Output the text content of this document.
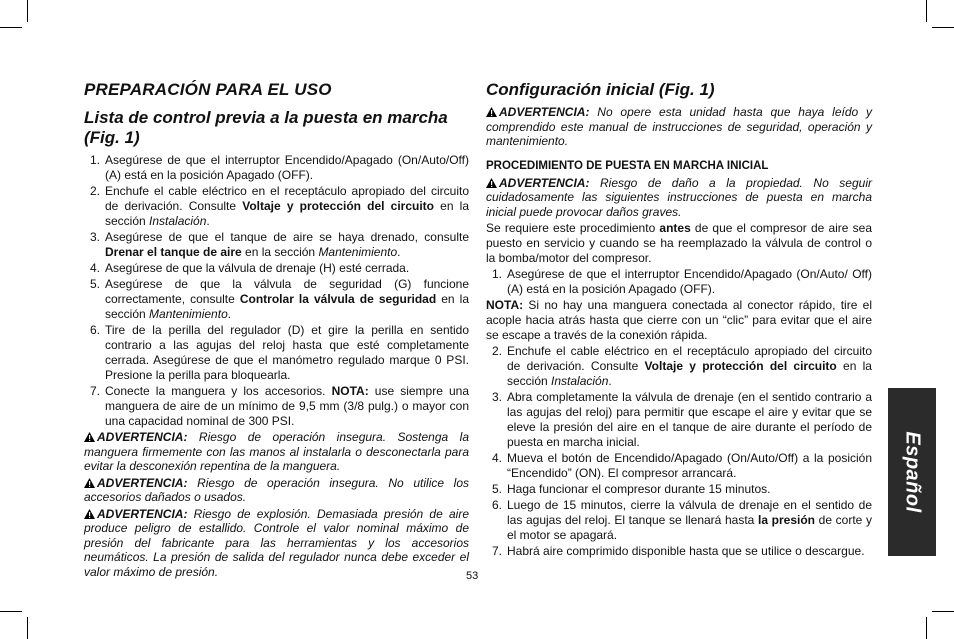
PREPARACIÓN PARA EL USO
Lista de control previa a la puesta en marcha (Fig. 1)
1. Asegúrese de que el interruptor Encendido/Apagado (On/Auto/Off) (A) está en la posición Apagado (OFF).
2. Enchufe el cable eléctrico en el receptáculo apropiado del circuito de derivación. Consulte Voltaje y protección del circuito en la sección Instalación.
3. Asegúrese de que el tanque de aire se haya drenado, consulte Drenar el tanque de aire en la sección Mantenimiento.
4. Asegúrese de que la válvula de drenaje (H) esté cerrada.
5. Asegúrese de que la válvula de seguridad (G) funcione correctamente, consulte Controlar la válvula de seguridad en la sección Mantenimiento.
6. Tire de la perilla del regulador (D) et gire la perilla en sentido contrario a las agujas del reloj hasta que esté completamente cerrada. Asegúrese de que el manómetro regulado marque 0 PSI. Presione la perilla para bloquearla.
7. Conecte la manguera y los accesorios. NOTA: use siempre una manguera de aire de un mínimo de 9,5 mm (3/8 pulg.) o mayor con una capacidad nominal de 300 PSI.
ADVERTENCIA: Riesgo de operación insegura. Sostenga la manguera firmemente con las manos al instalarla o desconectarla para evitar la desconexión repentina de la manguera.
ADVERTENCIA: Riesgo de operación insegura. No utilice los accesorios dañados o usados.
ADVERTENCIA: Riesgo de explosión. Demasiada presión de aire produce peligro de estallido. Controle el valor nominal máximo de presión del fabricante para las herramientas y los accesorios neumáticos. La presión de salida del regulador nunca debe exceder el valor máximo de presión.
Configuración inicial (Fig. 1)
ADVERTENCIA: No opere esta unidad hasta que haya leído y comprendido este manual de instrucciones de seguridad, operación y mantenimiento.
PROCEDIMIENTO DE PUESTA EN MARCHA INICIAL
ADVERTENCIA: Riesgo de daño a la propiedad. No seguir cuidadosamente las siguientes instrucciones de puesta en marcha inicial puede provocar daños graves.
Se requiere este procedimiento antes de que el compresor de aire sea puesto en servicio y cuando se ha reemplazado la válvula de control o la bomba/motor del compresor.
1. Asegúrese de que el interruptor Encendido/Apagado (On/Auto/ Off) (A) está en la posición Apagado (OFF).
NOTA: Si no hay una manguera conectada al conector rápido, tire el acople hacia atrás hasta que cierre con un “clic” para evitar que el aire se escape a través de la conexión rápida.
2. Enchufe el cable eléctrico en el receptáculo apropiado del circuito de derivación. Consulte Voltaje y protección del circuito en la sección Instalación.
3. Abra completamente la válvula de drenaje (en el sentido contrario a las agujas del reloj) para permitir que escape el aire y evitar que se eleve la presión del aire en el tanque de aire durante el período de puesta en marcha inicial.
4. Mueva el botón de Encendido/Apagado (On/Auto/Off) a la posición “Encendido” (ON). El compresor arrancará.
5. Haga funcionar el compresor durante 15 minutos.
6. Luego de 15 minutos, cierre la válvula de drenaje en el sentido de las agujas del reloj. El tanque se llenará hasta la presión de corte y el motor se apagará.
7. Habrá aire comprimido disponible hasta que se utilice o descargue.
Español
53
